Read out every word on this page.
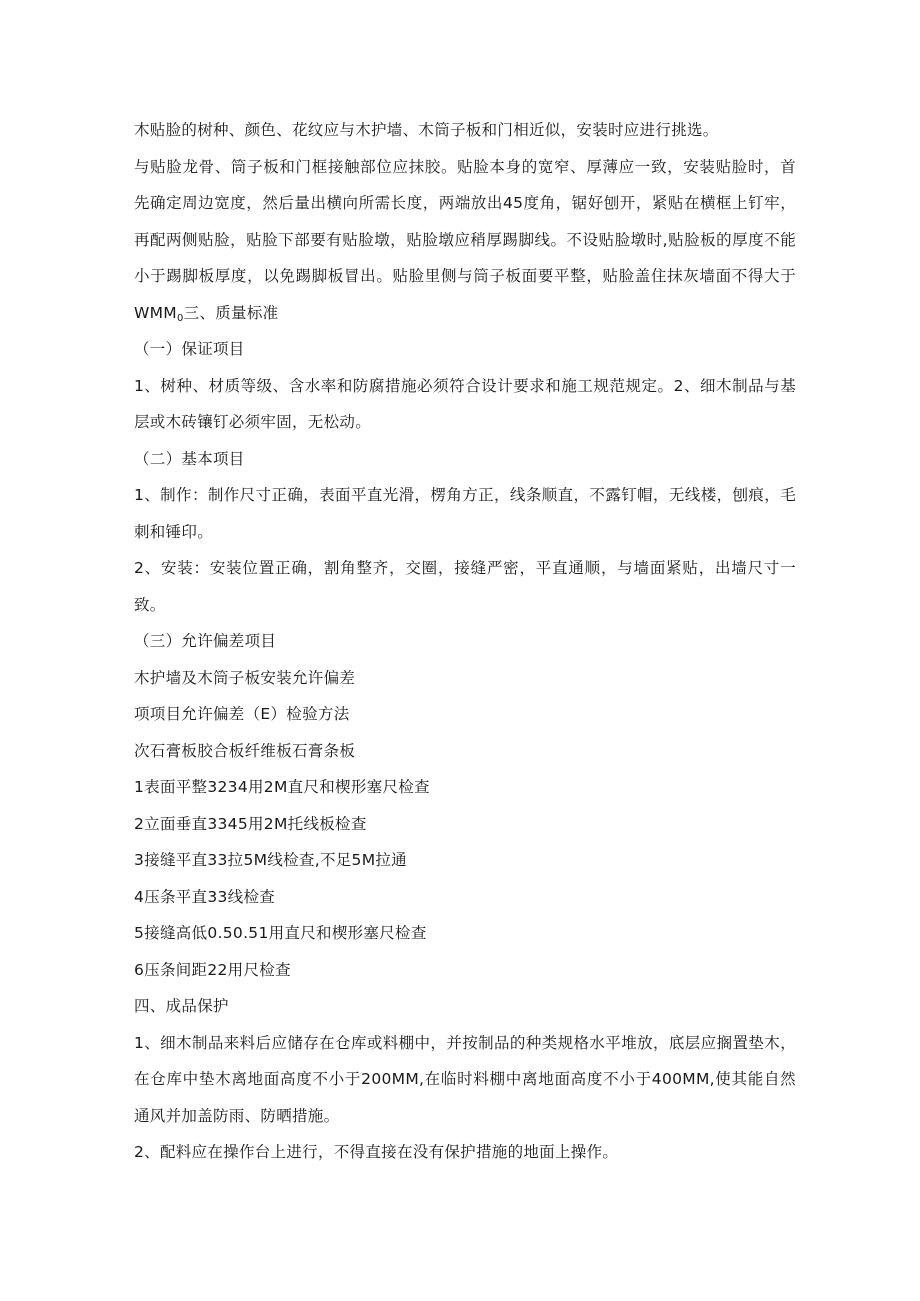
木贴脸的树种、颜色、花纹应与木护墙、木筒子板和门相近似，安装时应进行挑选。

与贴脸龙骨、筒子板和门框接触部位应抹胶。贴脸本身的宽窄、厚薄应一致，安装贴脸时，首先确定周边宽度，然后量出横向所需长度，两端放出45度角，锯好刨开，紧贴在横框上钉牢，再配两侧贴脸，贴脸下部要有贴脸墩，贴脸墩应稍厚踢脚线。不设贴脸墩时,贴脸板的厚度不能小于踢脚板厚度，以免踢脚板冒出。贴脸里侧与筒子板面要平整，贴脸盖住抹灰墙面不得大于$WMM_0$三、质量标准

（一）保证项目

1、树种、材质等级、含水率和防腐措施必须符合设计要求和施工规范规定。2、细木制品与基层或木砖镶钉必须牢固，无松动。

（二）基本项目

1、制作：制作尺寸正确，表面平直光滑，楞角方正，线条顺直，不露钉帽，无线楼，刨痕，毛刺和锤印。

2、安装：安装位置正确，割角整齐，交圈，接缝严密，平直通顺，与墙面紧贴，出墙尺寸一致。

（三）允许偏差项目

木护墙及木筒子板安装允许偏差

项项目允许偏差（E）检验方法

次石膏板胶合板纤维板石膏条板

1表面平整3234用2M直尺和楔形塞尺检查

2立面垂直3345用2M托线板检查

3接缝平直33拉5M线检查,不足5M拉通

4压条平直33线检查

5接缝高低0.50.51用直尺和楔形塞尺检查

6压条间距22用尺检查

四、成品保护

1、细木制品来料后应储存在仓库或料棚中，并按制品的种类规格水平堆放，底层应搁置垫木，在仓库中垫木离地面高度不小于200MM,在临时料棚中离地面高度不小于400MM,使其能自然通风并加盖防雨、防晒措施。

2、配料应在操作台上进行，不得直接在没有保护措施的地面上操作。
